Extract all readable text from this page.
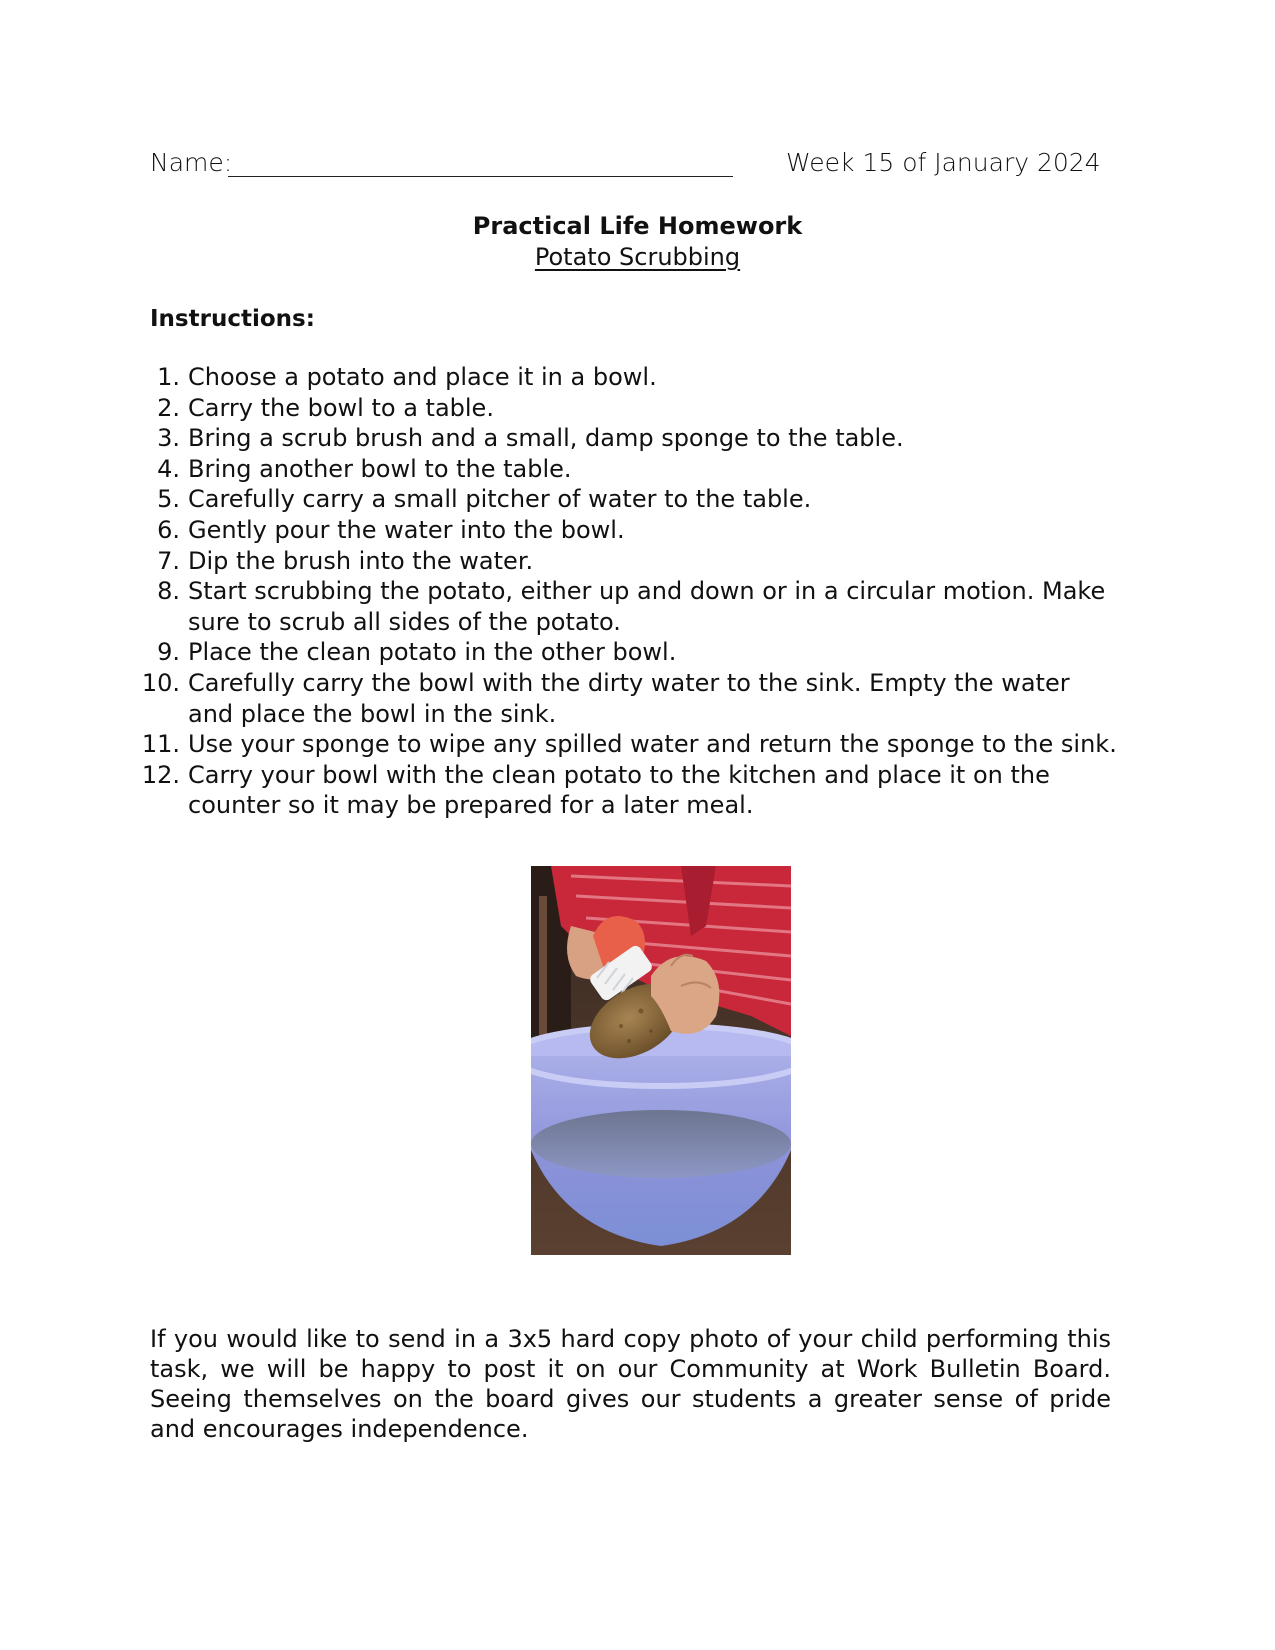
Name:	Week 15 of January 2024
Practical Life Homework
Potato Scrubbing
Instructions:
1. Choose a potato and place it in a bowl.
2. Carry the bowl to a table.
3. Bring a scrub brush and a small, damp sponge to the table.
4. Bring another bowl to the table.
5. Carefully carry a small pitcher of water to the table.
6. Gently pour the water into the bowl.
7. Dip the brush into the water.
8. Start scrubbing the potato, either up and down or in a circular motion. Make sure to scrub all sides of the potato.
9. Place the clean potato in the other bowl.
10. Carefully carry the bowl with the dirty water to the sink. Empty the water and place the bowl in the sink.
11. Use your sponge to wipe any spilled water and return the sponge to the sink.
12. Carry your bowl with the clean potato to the kitchen and place it on the counter so it may be prepared for a later meal.

If you would like to send in a 3x5 hard copy photo of your child performing this task, we will be happy to post it on our Community at Work Bulletin Board. Seeing themselves on the board gives our students a greater sense of pride and encourages independence.
